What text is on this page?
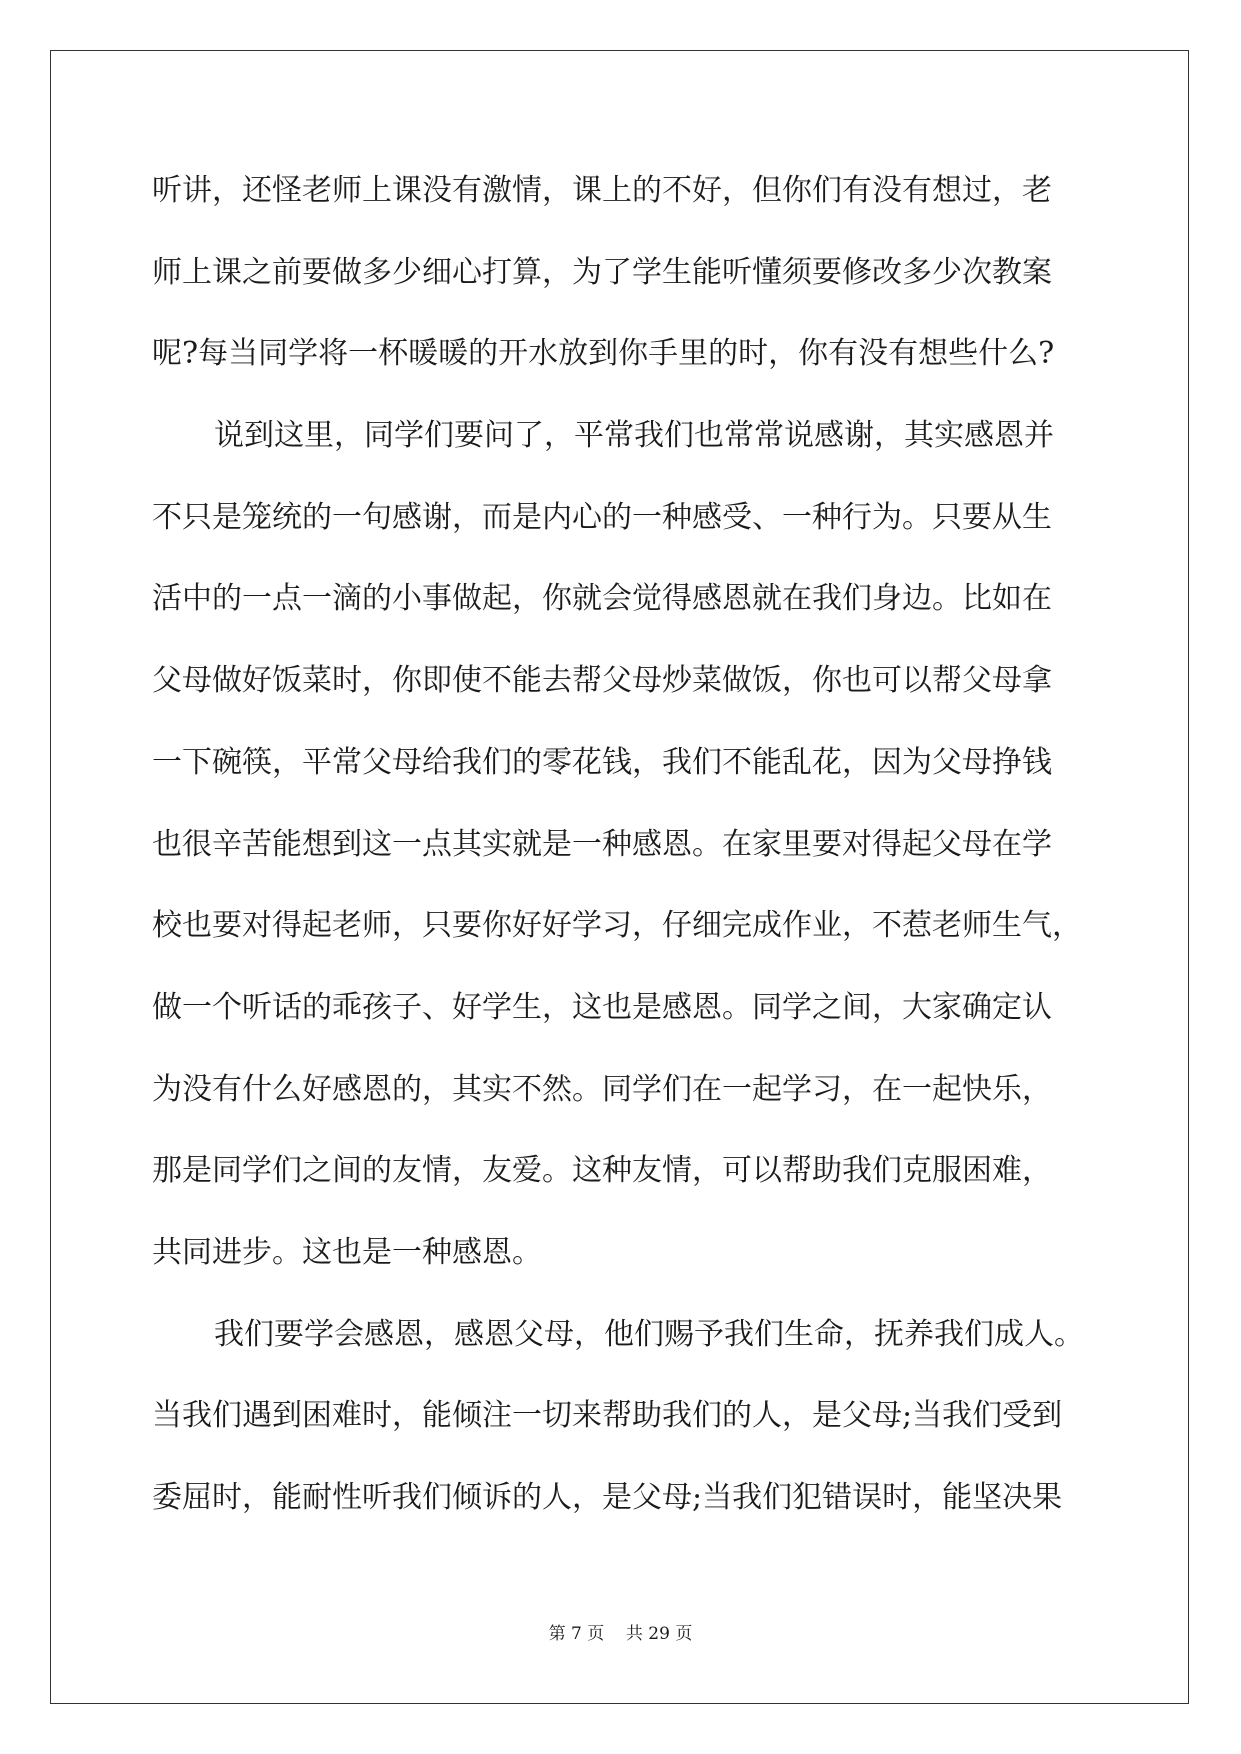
听讲，还怪老师上课没有激情，课上的不好，但你们有没有想过，老
师上课之前要做多少细心打算，为了学生能听懂须要修改多少次教案
呢?每当同学将一杯暖暖的开水放到你手里的时，你有没有想些什么?
说到这里，同学们要问了，平常我们也常常说感谢，其实感恩并
不只是笼统的一句感谢，而是内心的一种感受、一种行为。只要从生
活中的一点一滴的小事做起，你就会觉得感恩就在我们身边。比如在
父母做好饭菜时，你即使不能去帮父母炒菜做饭，你也可以帮父母拿
一下碗筷，平常父母给我们的零花钱，我们不能乱花，因为父母挣钱
也很辛苦能想到这一点其实就是一种感恩。在家里要对得起父母在学
校也要对得起老师，只要你好好学习，仔细完成作业，不惹老师生气，
做一个听话的乖孩子、好学生，这也是感恩。同学之间，大家确定认
为没有什么好感恩的，其实不然。同学们在一起学习，在一起快乐，
那是同学们之间的友情，友爱。这种友情，可以帮助我们克服困难，
共同进步。这也是一种感恩。
我们要学会感恩，感恩父母，他们赐予我们生命，抚养我们成人。
当我们遇到困难时，能倾注一切来帮助我们的人，是父母;当我们受到
委屈时，能耐性听我们倾诉的人，是父母;当我们犯错误时，能坚决果
第 7 页    共 29 页
